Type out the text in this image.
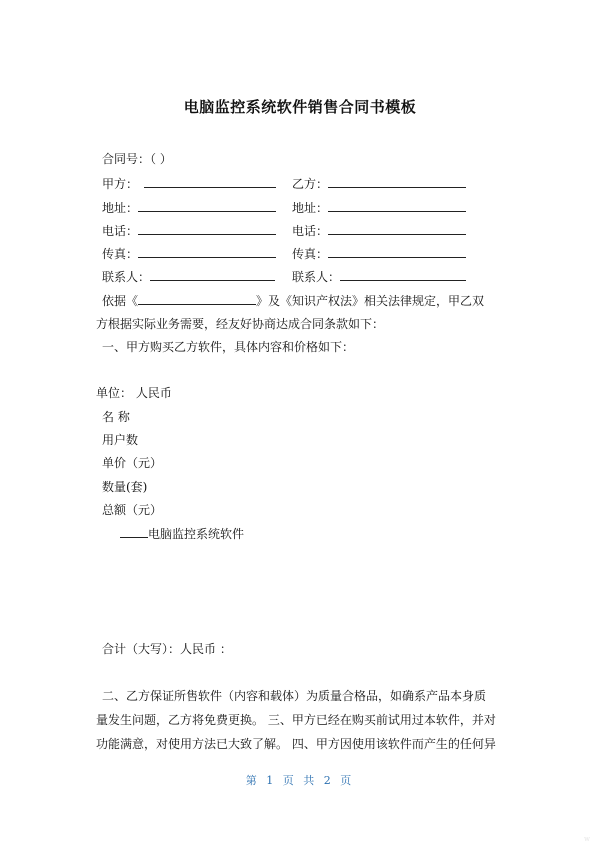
电脑监控系统软件销售合同书模板
合同号：（ ）
甲方：
地址：
电话：
传真：
联系人：
乙方：
地址：
电话：
传真：
联系人：
依据《	》及《知识产权法》相关法律规定，甲乙双
方根据实际业务需要，经友好协商达成合同条款如下：
一、甲方购买乙方软件，具体内容和价格如下：
单位： 人民币
名 称
用户数
单价（元）
数量(套)
总额（元）
电脑监控系统软件
合计（大写）：人民币 ：
二、乙方保证所售软件（内容和载体）为质量合格品，如确系产品本身质
量发生问题，乙方将免费更换。 三、甲方已经在购买前试用过本软件，并对
功能满意，对使用方法已大致了解。 四、甲方因使用该软件而产生的任何异
第 1 页 共 2 页
w
